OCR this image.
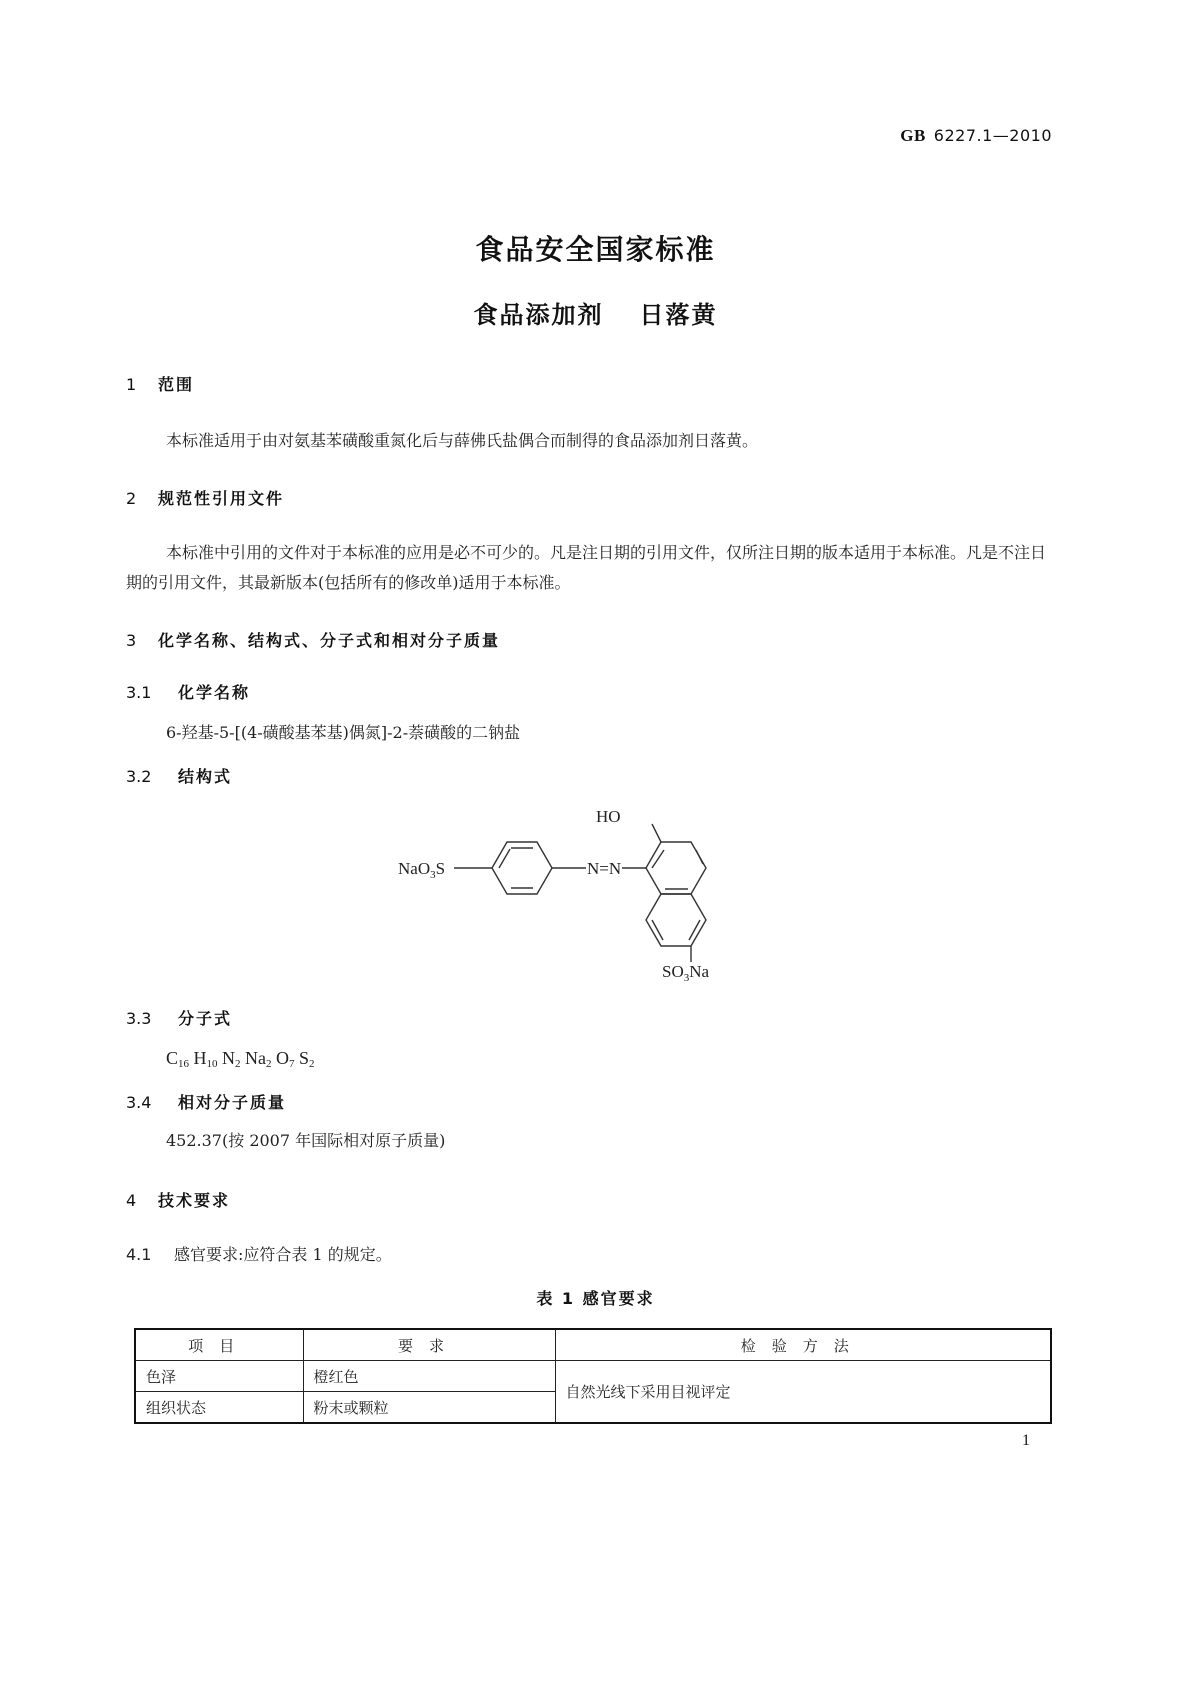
GB 6227.1—2010
食品安全国家标准
食品添加剂 日落黄
1 范围
本标准适用于由对氨基苯磺酸重氮化后与薛佛氏盐偶合而制得的食品添加剂日落黄。
2 规范性引用文件
本标准中引用的文件对于本标准的应用是必不可少的。凡是注日期的引用文件，仅所注日期的版本适用于本标准。凡是不注日期的引用文件，其最新版本(包括所有的修改单)适用于本标准。
3 化学名称、结构式、分子式和相对分子质量
3.1 化学名称
6-羟基-5-[(4-磺酸基苯基)偶氮]-2-萘磺酸的二钠盐
3.2 结构式
HO
NaO$_3$S	N=N
$SO_3Na$
3.3 分子式
$C_{16}$ $H_{10}$ $N_2$ $Na_2$ $O_7$ $S_2$
3.4 相对分子质量
452.37(按 2007 年国际相对原子质量)
4 技术要求
4.1 感官要求:应符合表 1 的规定。
表 1 感官要求
项目	要求	检验方法
色泽	橙红色	自然光线下采用目视评定
组织状态	粉末或颗粒	
1
